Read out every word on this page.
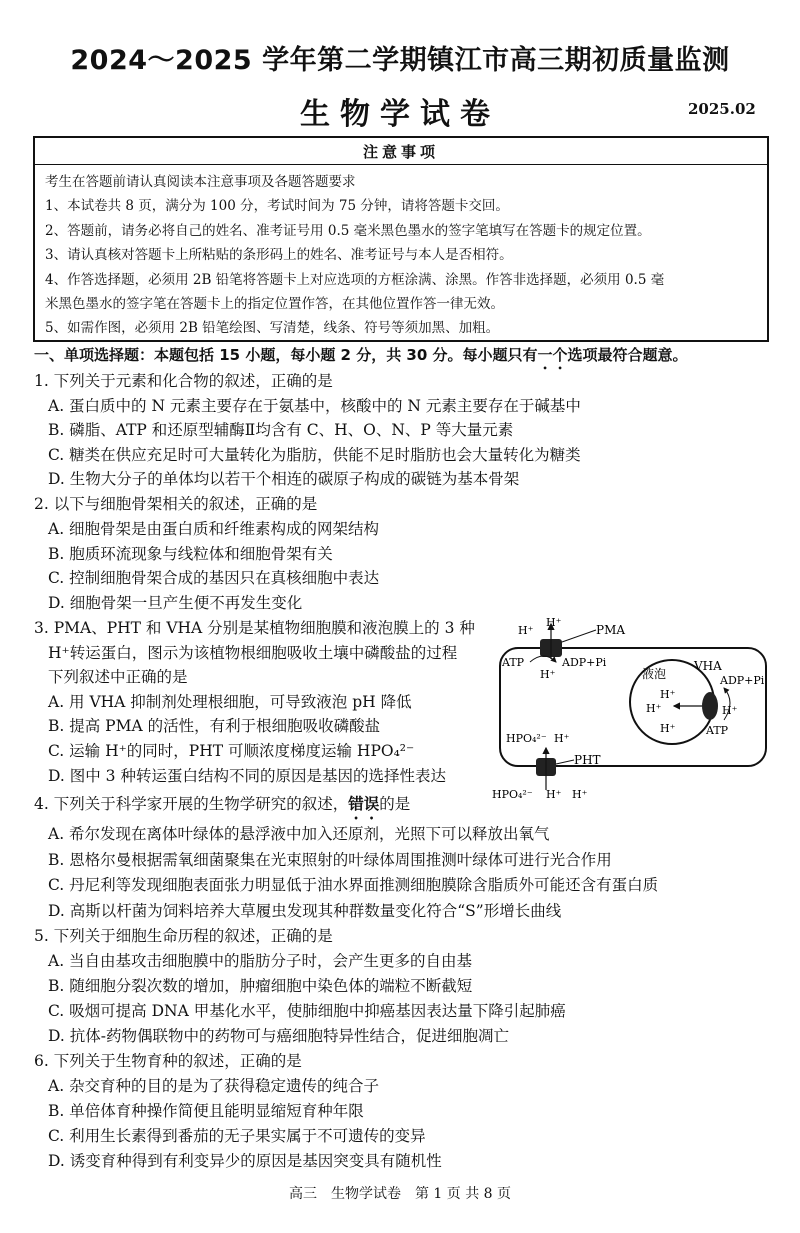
2024～2025 学年第二学期镇江市高三期初质量监测
生物学试卷	2025.02
注意事项
考生在答题前请认真阅读本注意事项及各题答题要求
1、本试卷共 8 页，满分为 100 分，考试时间为 75 分钟，请将答题卡交回。
2、答题前，请务必将自己的姓名、准考证号用 0.5 毫米黑色墨水的签字笔填写在答题卡的规定位置。
3、请认真核对答题卡上所粘贴的条形码上的姓名、准考证号与本人是否相符。
4、作答选择题，必须用 2B 铅笔将答题卡上对应选项的方框涂满、涂黑。作答非选择题，必须用 0.5 毫
米黑色墨水的签字笔在答题卡上的指定位置作答，在其他位置作答一律无效。
5、如需作图，必须用 2B 铅笔绘图、写清楚，线条、符号等须加黑、加粗。
一、单项选择题：本题包括 15 小题，每小题 2 分，共 30 分。每小题只有一个选项最符合题意。
1. 下列关于元素和化合物的叙述，正确的是
A. 蛋白质中的 N 元素主要存在于氨基中，核酸中的 N 元素主要存在于碱基中
B. 磷脂、ATP 和还原型辅酶Ⅱ均含有 C、H、O、N、P 等大量元素
C. 糖类在供应充足时可大量转化为脂肪，供能不足时脂肪也会大量转化为糖类
D. 生物大分子的单体均以若干个相连的碳原子构成的碳链为基本骨架
2. 以下与细胞骨架相关的叙述，正确的是
A. 细胞骨架是由蛋白质和纤维素构成的网架结构
B. 胞质环流现象与线粒体和细胞骨架有关
C. 控制细胞骨架合成的基因只在真核细胞中表达
D. 细胞骨架一旦产生便不再发生变化
3. PMA、PHT 和 VHA 分别是某植物细胞膜和液泡膜上的 3 种
H⁺转运蛋白，图示为该植物根细胞吸收土壤中磷酸盐的过程
下列叙述中正确的是
A. 用 VHA 抑制剂处理根细胞，可导致液泡 pH 降低
B. 提高 PMA 的活性，有利于根细胞吸收磷酸盐
C. 运输 H⁺的同时，PHT 可顺浓度梯度运输 HPO₄²⁻
D. 图中 3 种转运蛋白结构不同的原因是基因的选择性表达
PMA
H⁺
H⁺
ATP	ADP+Pi
H⁺	液泡
H⁺
H⁺
H⁺
VHA
ADP+Pi
H⁺
ATP
PHT
HPO₄²⁻ H⁺
HPO₄²⁻ H⁺ H⁺
4. 下列关于科学家开展的生物学研究的叙述，错误的是
A. 希尔发现在离体叶绿体的悬浮液中加入还原剂，光照下可以释放出氧气
B. 恩格尔曼根据需氧细菌聚集在光束照射的叶绿体周围推测叶绿体可进行光合作用
C. 丹尼利等发现细胞表面张力明显低于油水界面推测细胞膜除含脂质外可能还含有蛋白质
D. 高斯以杆菌为饲料培养大草履虫发现其种群数量变化符合“S”形增长曲线
5. 下列关于细胞生命历程的叙述，正确的是
A. 当自由基攻击细胞膜中的脂肪分子时，会产生更多的自由基
B. 随细胞分裂次数的增加，肿瘤细胞中染色体的端粒不断截短
C. 吸烟可提高 DNA 甲基化水平，使肺细胞中抑癌基因表达量下降引起肺癌
D. 抗体-药物偶联物中的药物可与癌细胞特异性结合，促进细胞凋亡
6. 下列关于生物育种的叙述，正确的是
A. 杂交育种的目的是为了获得稳定遗传的纯合子
B. 单倍体育种操作简便且能明显缩短育种年限
C. 利用生长素得到番茄的无子果实属于不可遗传的变异
D. 诱变育种得到有利变异少的原因是基因突变具有随机性
高三　生物学试卷　第 1 页 共 8 页
